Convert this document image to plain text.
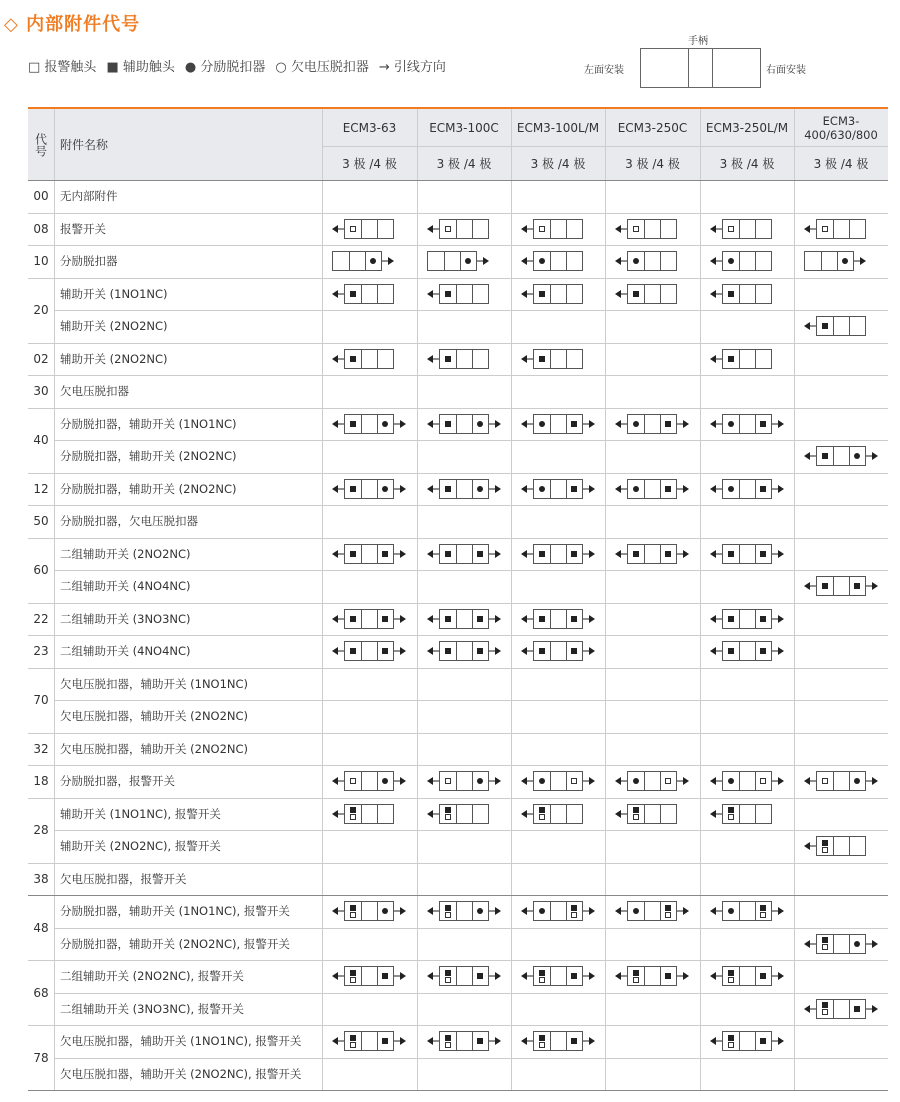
◇ 内部附件代号
□ 报警触头 ■ 辅助触头 ● 分励脱扣器 ○ 欠电压脱扣器 → 引线方向
手柄
左面安装	右面安装
代号	附件名称
ECM3-63
3 极 /4 极
ECM3-100C
3 极 /4 极
ECM3-100L/M
3 极 /4 极
ECM3-250C
3 极 /4 极
ECM3-250L/M
3 极 /4 极
ECM3-400/630/800
3 极 /4 极
00
08
10
20
02
30
40
12
50
60
22
23
70
32
18
28
38
48
68
78
无内部附件
报警开关
分励脱扣器
辅助开关 (1NO1NC)
辅助开关 (2NO2NC)
辅助开关 (2NO2NC)
欠电压脱扣器
分励脱扣器，辅助开关 (1NO1NC)
分励脱扣器，辅助开关 (2NO2NC)
分励脱扣器，辅助开关 (2NO2NC)
分励脱扣器，欠电压脱扣器
二组辅助开关 (2NO2NC)
二组辅助开关 (4NO4NC)
二组辅助开关 (3NO3NC)
二组辅助开关 (4NO4NC)
欠电压脱扣器，辅助开关 (1NO1NC)
欠电压脱扣器，辅助开关 (2NO2NC)
欠电压脱扣器，辅助开关 (2NO2NC)
分励脱扣器，报警开关
辅助开关 (1NO1NC), 报警开关
辅助开关 (2NO2NC), 报警开关
欠电压脱扣器，报警开关
分励脱扣器，辅助开关 (1NO1NC), 报警开关
分励脱扣器，辅助开关 (2NO2NC), 报警开关
二组辅助开关 (2NO2NC), 报警开关
二组辅助开关 (3NO3NC), 报警开关
欠电压脱扣器，辅助开关 (1NO1NC), 报警开关
欠电压脱扣器，辅助开关 (2NO2NC), 报警开关
